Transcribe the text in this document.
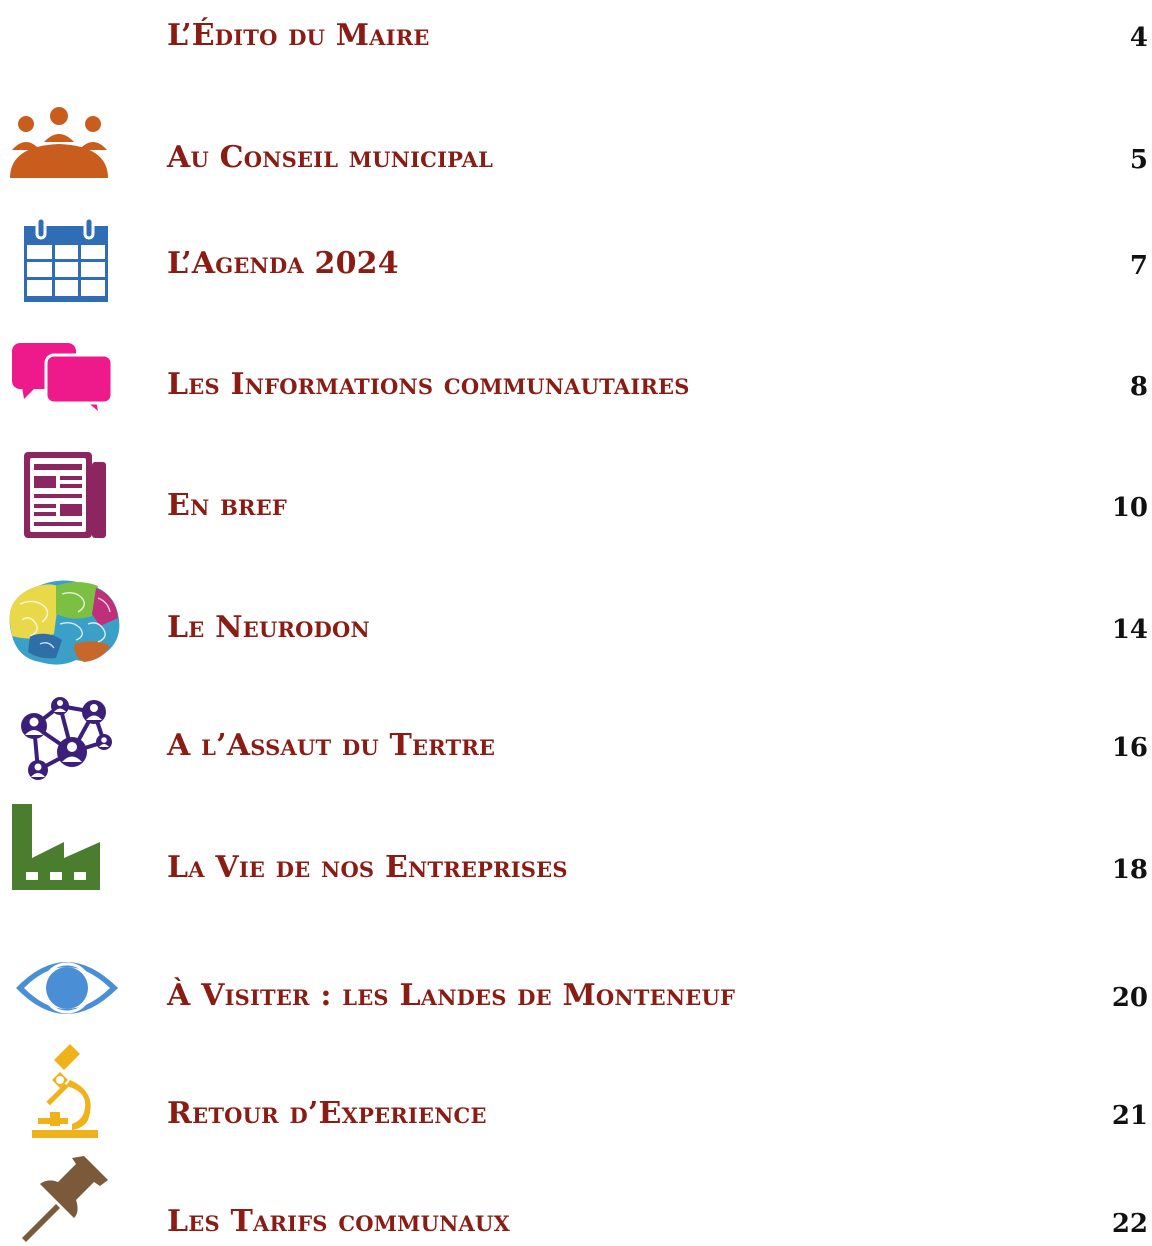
L’Édito du Maire	4
Au Conseil municipal	5
L’Agenda 2024	7
Les Informations communautaires	8
En bref	10
Le Neurodon	14
A l’Assaut du Tertre	16
La Vie de nos Entreprises	18
À Visiter : les Landes de Monteneuf	20
Retour d’Experience	21
Les Tarifs communaux	22
